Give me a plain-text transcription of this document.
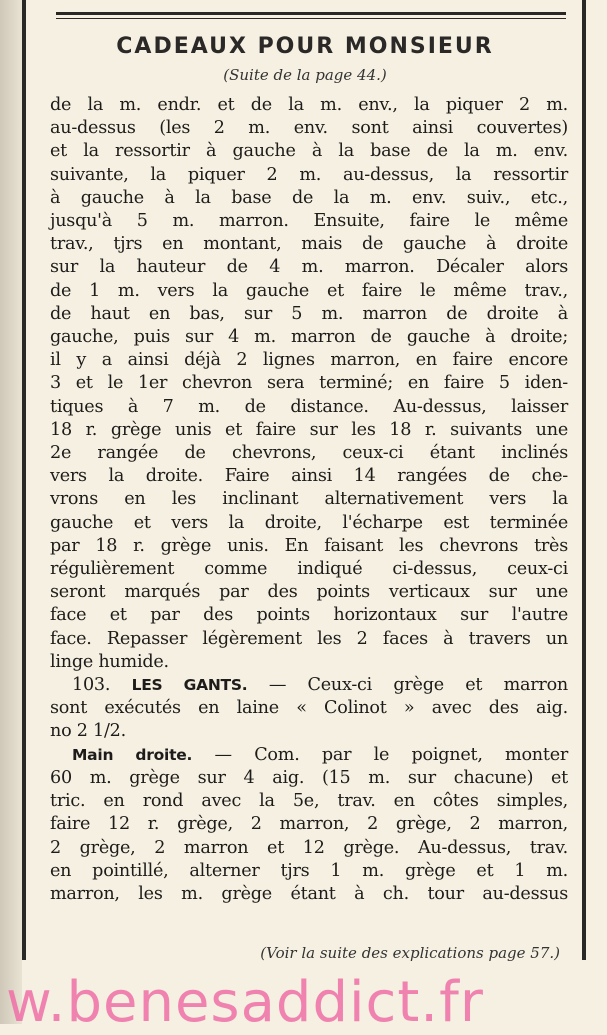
CADEAUX POUR MONSIEUR
(Suite de la page 44.)
de la m. endr. et de la m. env., la piquer 2 m.
au-dessus (les 2 m. env. sont ainsi couvertes)
et la ressortir à gauche à la base de la m. env.
suivante, la piquer 2 m. au-dessus, la ressortir
à gauche à la base de la m. env. suiv., etc.,
jusqu'à 5 m. marron. Ensuite, faire le même
trav., tjrs en montant, mais de gauche à droite
sur la hauteur de 4 m. marron. Décaler alors
de 1 m. vers la gauche et faire le même trav.,
de haut en bas, sur 5 m. marron de droite à
gauche, puis sur 4 m. marron de gauche à droite;
il y a ainsi déjà 2 lignes marron, en faire encore
3 et le 1er chevron sera terminé; en faire 5 iden-
tiques à 7 m. de distance. Au-dessus, laisser
18 r. grège unis et faire sur les 18 r. suivants une
2e rangée de chevrons, ceux-ci étant inclinés
vers la droite. Faire ainsi 14 rangées de che-
vrons en les inclinant alternativement vers la
gauche et vers la droite, l'écharpe est terminée
par 18 r. grège unis. En faisant les chevrons très
régulièrement comme indiqué ci-dessus, ceux-ci
seront marqués par des points verticaux sur une
face et par des points horizontaux sur l'autre
face. Repasser légèrement les 2 faces à travers un
linge humide.
103. LES GANTS. — Ceux-ci grège et marron
sont exécutés en laine « Colinot » avec des aig.
no 2 1/2.
Main droite. — Com. par le poignet, monter
60 m. grège sur 4 aig. (15 m. sur chacune) et
tric. en rond avec la 5e, trav. en côtes simples,
faire 12 r. grège, 2 marron, 2 grège, 2 marron,
2 grège, 2 marron et 12 grège. Au-dessus, trav.
en pointillé, alterner tjrs 1 m. grège et 1 m.
marron, les m. grège étant à ch. tour au-dessus
(Voir la suite des explications page 57.)
w.benesaddict.fr
